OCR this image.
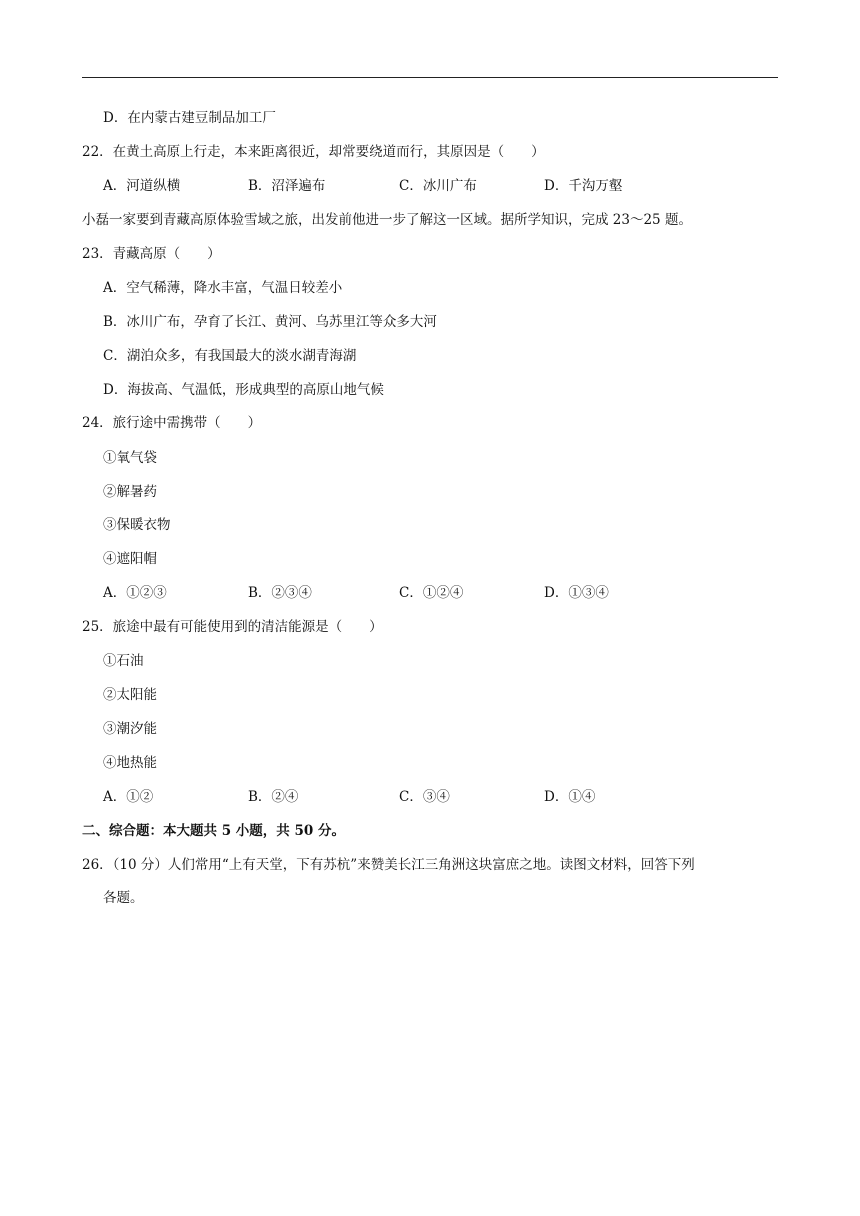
D．在内蒙古建豆制品加工厂
22．在黄土高原上行走，本来距离很近，却常要绕道而行，其原因是（　　）
A．河道纵横	B．沼泽遍布	C．冰川广布	D．千沟万壑
小磊一家要到青藏高原体验雪域之旅，出发前他进一步了解这一区域。据所学知识，完成 23～25 题。
23．青藏高原（　　）
A．空气稀薄，降水丰富，气温日较差小
B．冰川广布，孕育了长江、黄河、乌苏里江等众多大河
C．湖泊众多，有我国最大的淡水湖青海湖
D．海拔高、气温低，形成典型的高原山地气候
24．旅行途中需携带（　　）
①氧气袋
②解暑药
③保暖衣物
④遮阳帽
A．①②③	B．②③④	C．①②④	D．①③④
25．旅途中最有可能使用到的清洁能源是（　　）
①石油
②太阳能
③潮汐能
④地热能
A．①②	B．②④	C．③④	D．①④
二、综合题：本大题共 5 小题，共 50 分。
26．（10 分）人们常用“上有天堂，下有苏杭”来赞美长江三角洲这块富庶之地。读图文材料，回答下列
各题。
